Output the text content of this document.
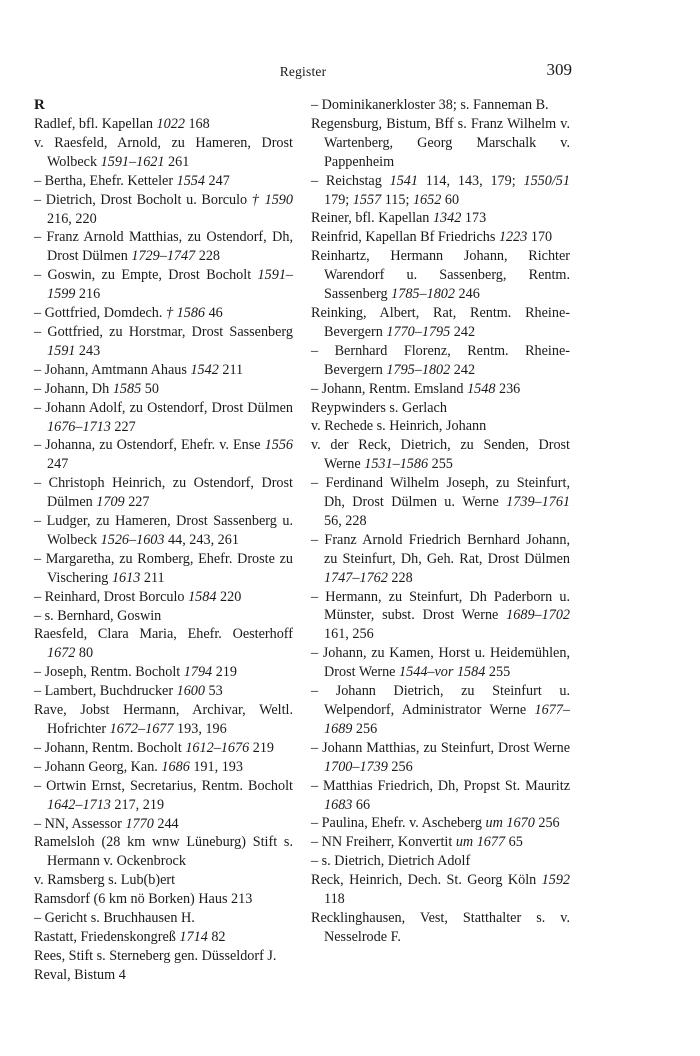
Register	309
R
Radlef, bfl. Kapellan 1022 168
v. Raesfeld, Arnold, zu Hameren, Drost Wolbeck 1591–1621 261
– Bertha, Ehefr. Ketteler 1554 247
– Dietrich, Drost Bocholt u. Borculo † 1590 216, 220
– Franz Arnold Matthias, zu Ostendorf, Dh, Drost Dülmen 1729–1747 228
– Goswin, zu Empte, Drost Bocholt 1591–1599 216
– Gottfried, Domdech. † 1586 46
– Gottfried, zu Horstmar, Drost Sassenberg 1591 243
– Johann, Amtmann Ahaus 1542 211
– Johann, Dh 1585 50
– Johann Adolf, zu Ostendorf, Drost Dülmen 1676–1713 227
– Johanna, zu Ostendorf, Ehefr. v. Ense 1556 247
– Christoph Heinrich, zu Ostendorf, Drost Dülmen 1709 227
– Ludger, zu Hameren, Drost Sassenberg u. Wolbeck 1526–1603 44, 243, 261
– Margaretha, zu Romberg, Ehefr. Droste zu Vischering 1613 211
– Reinhard, Drost Borculo 1584 220
– s. Bernhard, Goswin
Raesfeld, Clara Maria, Ehefr. Oesterhoff 1672 80
– Joseph, Rentm. Bocholt 1794 219
– Lambert, Buchdrucker 1600 53
Rave, Jobst Hermann, Archivar, Weltl. Hofrichter 1672–1677 193, 196
– Johann, Rentm. Bocholt 1612–1676 219
– Johann Georg, Kan. 1686 191, 193
– Ortwin Ernst, Secretarius, Rentm. Bocholt 1642–1713 217, 219
– NN, Assessor 1770 244
Ramelsloh (28 km wnw Lüneburg) Stift s. Hermann v. Ockenbrock
v. Ramsberg s. Lub(b)ert
Ramsdorf (6 km nö Borken) Haus 213
– Gericht s. Bruchhausen H.
Rastatt, Friedenskongreß 1714 82
Rees, Stift s. Sterneberg gen. Düsseldorf J.
Reval, Bistum 4
– Dominikanerkloster 38; s. Fanneman B.
Regensburg, Bistum, Bff s. Franz Wilhelm v. Wartenberg, Georg Marschalk v. Pappenheim
– Reichstag 1541 114, 143, 179; 1550/51 179; 1557 115; 1652 60
Reiner, bfl. Kapellan 1342 173
Reinfrid, Kapellan Bf Friedrichs 1223 170
Reinhartz, Hermann Johann, Richter Warendorf u. Sassenberg, Rentm. Sassenberg 1785–1802 246
Reinking, Albert, Rat, Rentm. Rheine-Bevergern 1770–1795 242
– Bernhard Florenz, Rentm. Rheine-Bevergern 1795–1802 242
– Johann, Rentm. Emsland 1548 236
Reypwinders s. Gerlach
v. Rechede s. Heinrich, Johann
v. der Reck, Dietrich, zu Senden, Drost Werne 1531–1586 255
– Ferdinand Wilhelm Joseph, zu Steinfurt, Dh, Drost Dülmen u. Werne 1739–1761 56, 228
– Franz Arnold Friedrich Bernhard Johann, zu Steinfurt, Dh, Geh. Rat, Drost Dülmen 1747–1762 228
– Hermann, zu Steinfurt, Dh Paderborn u. Münster, subst. Drost Werne 1689–1702 161, 256
– Johann, zu Kamen, Horst u. Heidemühlen, Drost Werne 1544–vor 1584 255
– Johann Dietrich, zu Steinfurt u. Welpendorf, Administrator Werne 1677–1689 256
– Johann Matthias, zu Steinfurt, Drost Werne 1700–1739 256
– Matthias Friedrich, Dh, Propst St. Mauritz 1683 66
– Paulina, Ehefr. v. Ascheberg um 1670 256
– NN Freiherr, Konvertit um 1677 65
– s. Dietrich, Dietrich Adolf
Reck, Heinrich, Dech. St. Georg Köln 1592 118
Recklinghausen, Vest, Statthalter s. v. Nesselrode F.
